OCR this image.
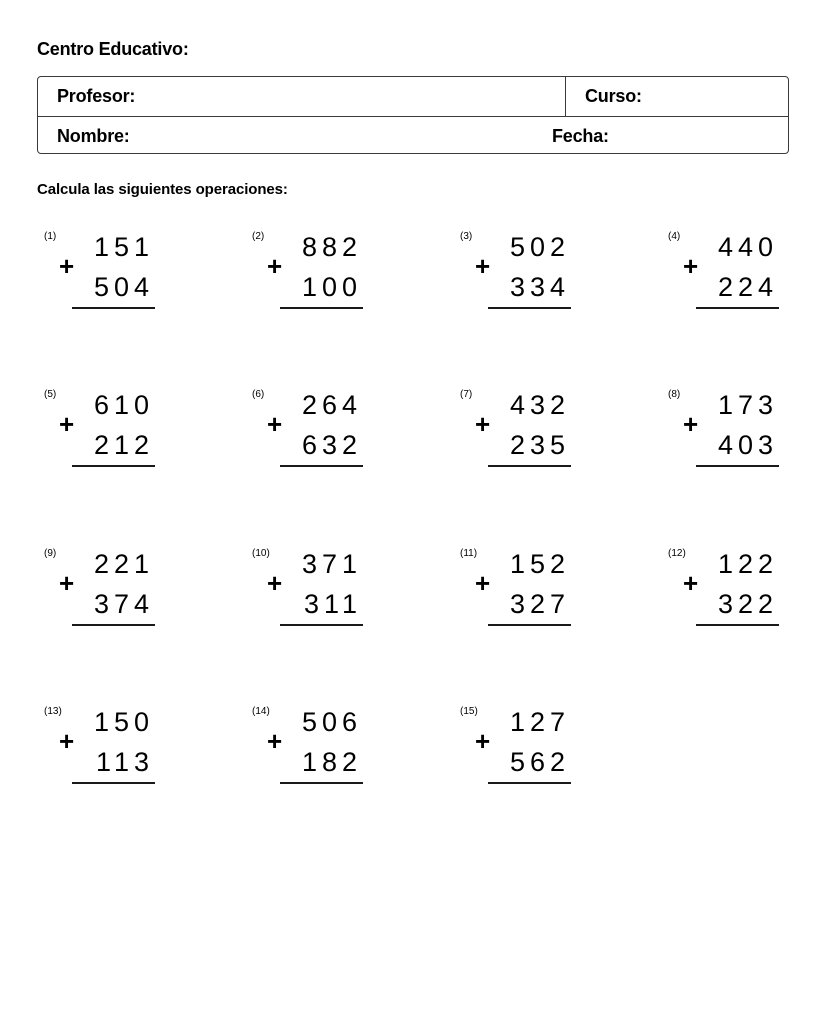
Centro Educativo:
Profesor:	Curso:
Nombre:	Fecha:
Calcula las siguientes operaciones:
(1)
+
151
504
(2)
+
882
100
(3)
+
502
334
(4)
+
440
224
(5)
+
610
212
(6)
+
264
632
(7)
+
432
235
(8)
+
173
403
(9)
+
221
374
(10)
+
371
311
(11)
+
152
327
(12)
+
122
322
(13)
+
150
113
(14)
+
506
182
(15)
+
127
562
